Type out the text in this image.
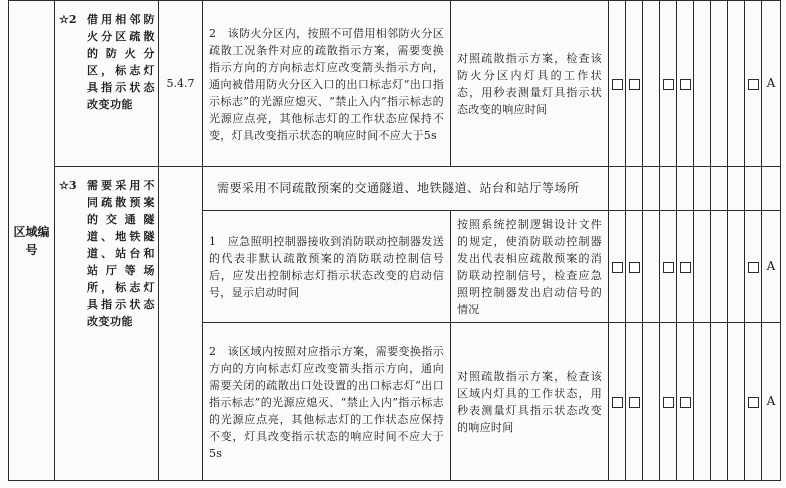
区域编号	☆2 借用相邻防火分区疏散的防火分区，标志灯具指示状态改变功能	5.4.7	2　该防火分区内，按照不可借用相邻防火分区疏散工况条件对应的疏散指示方案，需要变换指示方向的方向标志灯应改变箭头指示方向，通向被借用防火分区入口的出口标志灯“出口指示标志”的光源应熄灭、“禁止入内”指示标志的光源应点亮，其他标志灯的工作状态应保持不变，灯具改变指示状态的响应时间不应大于5s	对照疏散指示方案，检查该防火分区内灯具的工作状态，用秒表测量灯具指示状态改变的响应时间										A

	☆3 需要采用不同疏散预案的交通隧道、地铁隧道、站台和站厅等场所，标志灯具指示状态改变功能		需要采用不同疏散预案的交通隧道、地铁隧道、站台和站厅等场所											
			1　应急照明控制器接收到消防联动控制器发送的代表非默认疏散预案的消防联动控制信号后，应发出控制标志灯指示状态改变的启动信号，显示启动时间	按照系统控制逻辑设计文件的规定，使消防联动控制器发出代表相应疏散预案的消防联动控制信号，检查应急照明控制器发出启动信号的情况										A
			2　该区域内按照对应指示方案，需要变换指示方向的方向标志灯应改变箭头指示方向，通向需要关闭的疏散出口处设置的出口标志灯“出口指示标志”的光源应熄灭、“禁止入内”指示标志的光源应点亮，其他标志灯的工作状态应保持不变，灯具改变指示状态的响应时间不应大于5s	对照疏散指示方案，检查该区域内灯具的工作状态，用秒表测量灯具指示状态改变的响应时间										A
